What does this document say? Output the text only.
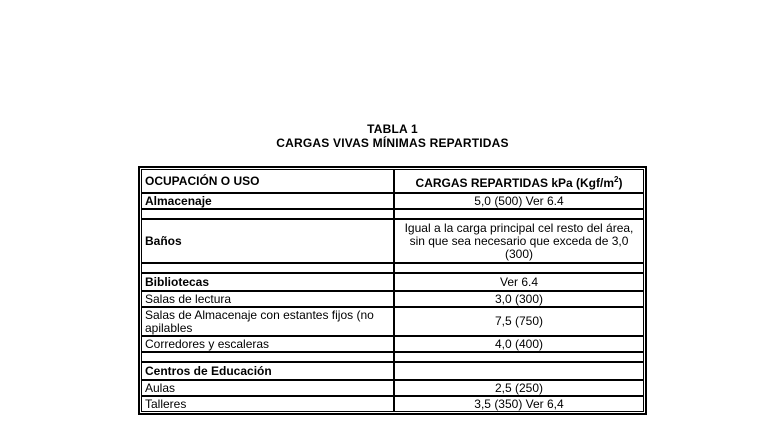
TABLA 1
CARGAS VIVAS MÍNIMAS REPARTIDAS
OCUPACIÓN O USO	CARGAS REPARTIDAS kPa $(Kgf/m^2)$
Almacenaje	5,0 (500) Ver 6.4

Baños	Igual a la carga principal cel resto del área, sin que sea necesario que exceda de 3,0 (300)

Bibliotecas	Ver 6.4
Salas de lectura	3,0 (300)
Salas de Almacenaje con estantes fijos (no apilables	7,5 (750)
Corredores y escaleras	4,0 (400)

Centros de Educación	
Aulas	2,5 (250)
Talleres	3,5 (350) Ver 6,4
